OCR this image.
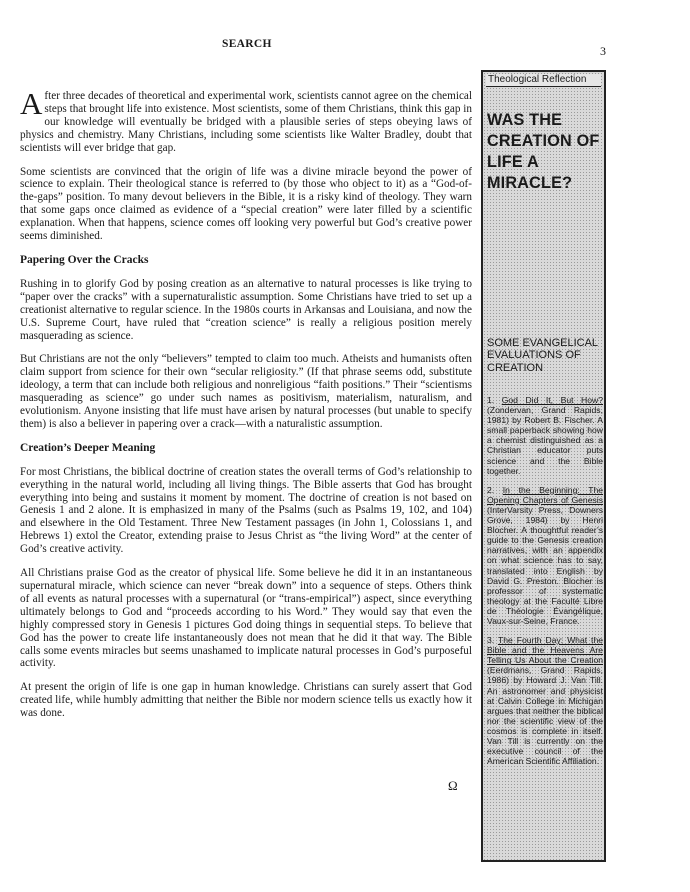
SEARCH	3

After three decades of theoretical and experimental work, scientists cannot agree on the chemical steps that brought life into existence. Most scientists, some of them Christians, think this gap in our knowledge will eventually be bridged with a plausible series of steps obeying laws of physics and chemistry. Many Christians, including some scientists like Walter Bradley, doubt that scientists will ever bridge that gap.

Some scientists are convinced that the origin of life was a divine miracle beyond the power of science to explain. Their theological stance is referred to (by those who object to it) as a “God-of-the-gaps” position. To many devout believers in the Bible, it is a risky kind of theology. They warn that some gaps once claimed as evidence of a “special creation” were later filled by a scientific explanation. When that happens, science comes off looking very powerful but God’s creative power seems diminished.

Papering Over the Cracks

Rushing in to glorify God by posing creation as an alternative to natural processes is like trying to “paper over the cracks” with a supernaturalistic assumption. Some Christians have tried to set up a creationist alternative to regular science. In the 1980s courts in Arkansas and Louisiana, and now the U.S. Supreme Court, have ruled that “creation science” is really a religious position merely masquerading as science.

But Christians are not the only “believers” tempted to claim too much. Atheists and humanists often claim support from science for their own “secular religiosity.” (If that phrase seems odd, substitute ideology, a term that can include both religious and nonreligious “faith positions.” Their “scientisms masquerading as science” go under such names as positivism, materialism, naturalism, and evolutionism. Anyone insisting that life must have arisen by natural processes (but unable to specify them) is also a believer in papering over a crack—with a naturalistic assumption.

Creation’s Deeper Meaning

For most Christians, the biblical doctrine of creation states the overall terms of God’s relationship to everything in the natural world, including all living things. The Bible asserts that God has brought everything into being and sustains it moment by moment. The doctrine of creation is not based on Genesis 1 and 2 alone. It is emphasized in many of the Psalms (such as Psalms 19, 102, and 104) and elsewhere in the Old Testament. Three New Testament passages (in John 1, Colossians 1, and Hebrews 1) extol the Creator, extending praise to Jesus Christ as “the living Word” at the center of God’s creative activity.

All Christians praise God as the creator of physical life. Some believe he did it in an instantaneous supernatural miracle, which science can never “break down” into a sequence of steps. Others think of all events as natural processes with a supernatural (or “trans-empirical”) aspect, since everything ultimately belongs to God and “proceeds according to his Word.” They would say that even the highly compressed story in Genesis 1 pictures God doing things in sequential steps. To believe that God has the power to create life instantaneously does not mean that he did it that way. The Bible calls some events miracles but seems unashamed to implicate natural processes in God’s purposeful activity.

At present the origin of life is one gap in human knowledge. Christians can surely assert that God created life, while humbly admitting that neither the Bible nor modern science tells us exactly how it was done.

Ω
Theological Reflection
WAS THE CREATION OF LIFE A MIRACLE?
SOME EVANGELICAL EVALUATIONS OF CREATION
1. God Did It, But How? (Zondervan, Grand Rapids, 1981) by Robert B. Fischer. A small paperback showing how a chemist distinguished as a Christian educator puts science and the Bible together.
2. In the Beginning: The Opening Chapters of Genesis (InterVarsity Press, Downers Grove, 1984) by Henri Blocher. A thoughtful reader’s guide to the Genesis creation narratives, with an appendix on what science has to say, translated into English by David G. Preston. Blocher is professor of systematic theology at the Faculté Libre de Théologie Évangélique, Vaux-sur-Seine, France.
3. The Fourth Day: What the Bible and the Heavens Are Telling Us About the Creation (Eerdmans, Grand Rapids, 1986) by Howard J. Van Till. An astronomer and physicist at Calvin College in Michigan argues that neither the biblical nor the scientific view of the cosmos is complete in itself. Van Till is currently on the executive council of the American Scientific Affiliation.
